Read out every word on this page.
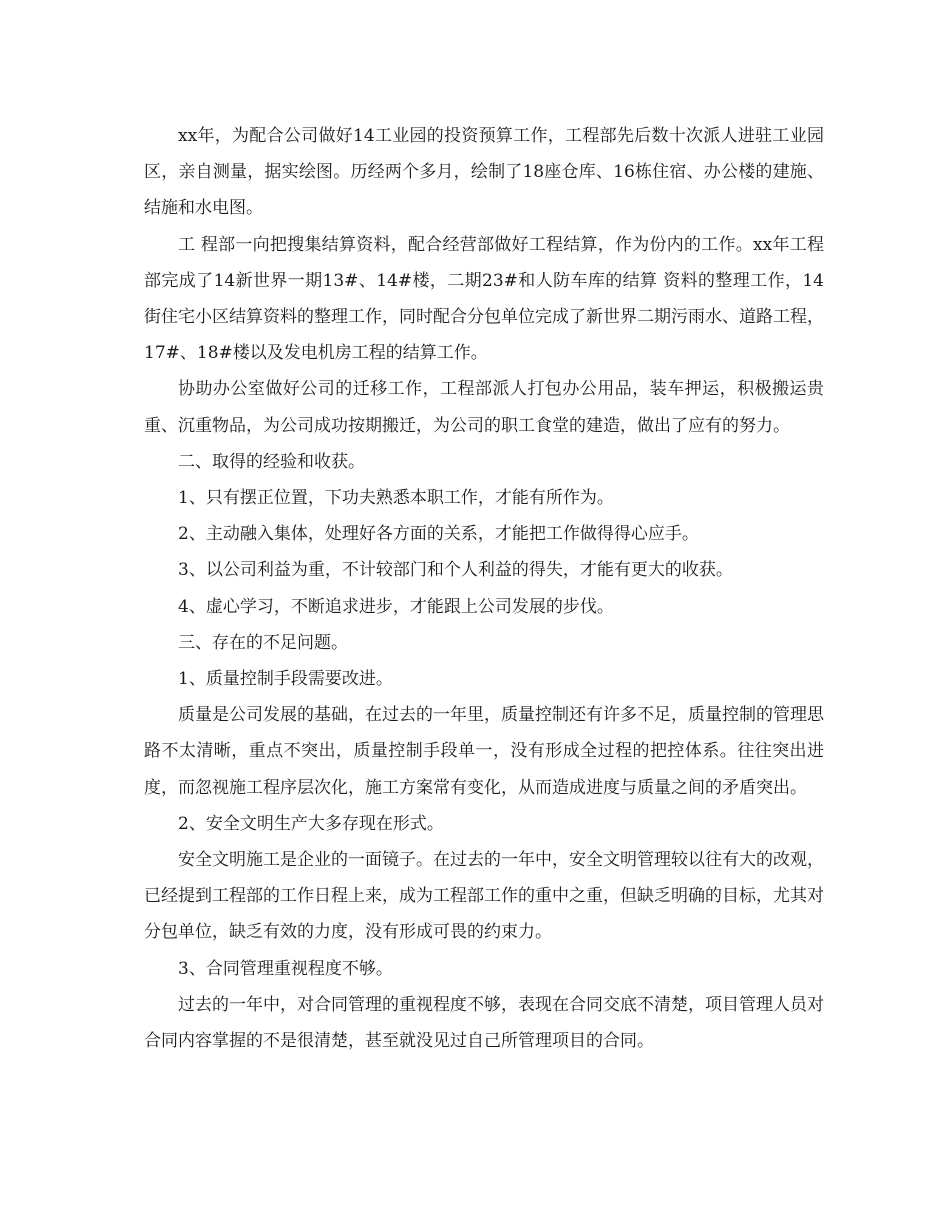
xx年，为配合公司做好14工业园的投资预算工作，工程部先后数十次派人进驻工业园区，亲自测量，据实绘图。历经两个多月，绘制了18座仓库、16栋住宿、办公楼的建施、结施和水电图。

工 程部一向把搜集结算资料，配合经营部做好工程结算，作为份内的工作。xx年工程部完成了14新世界一期13#、14#楼，二期23#和人防车库的结算 资料的整理工作，14街住宅小区结算资料的整理工作，同时配合分包单位完成了新世界二期污雨水、道路工程，17#、18#楼以及发电机房工程的结算工作。

协助办公室做好公司的迁移工作，工程部派人打包办公用品，装车押运，积极搬运贵重、沉重物品，为公司成功按期搬迁，为公司的职工食堂的建造，做出了应有的努力。

二、取得的经验和收获。

1、只有摆正位置，下功夫熟悉本职工作，才能有所作为。

2、主动融入集体，处理好各方面的关系，才能把工作做得得心应手。

3、以公司利益为重，不计较部门和个人利益的得失，才能有更大的收获。

4、虚心学习，不断追求进步，才能跟上公司发展的步伐。

三、存在的不足问题。

1、质量控制手段需要改进。

质量是公司发展的基础，在过去的一年里，质量控制还有许多不足，质量控制的管理思路不太清晰，重点不突出，质量控制手段单一，没有形成全过程的把控体系。往往突出进度，而忽视施工程序层次化，施工方案常有变化，从而造成进度与质量之间的矛盾突出。

2、安全文明生产大多存现在形式。

安全文明施工是企业的一面镜子。在过去的一年中，安全文明管理较以往有大的改观，已经提到工程部的工作日程上来，成为工程部工作的重中之重，但缺乏明确的目标，尤其对分包单位，缺乏有效的力度，没有形成可畏的约束力。

3、合同管理重视程度不够。

过去的一年中，对合同管理的重视程度不够，表现在合同交底不清楚，项目管理人员对合同内容掌握的不是很清楚，甚至就没见过自己所管理项目的合同。
